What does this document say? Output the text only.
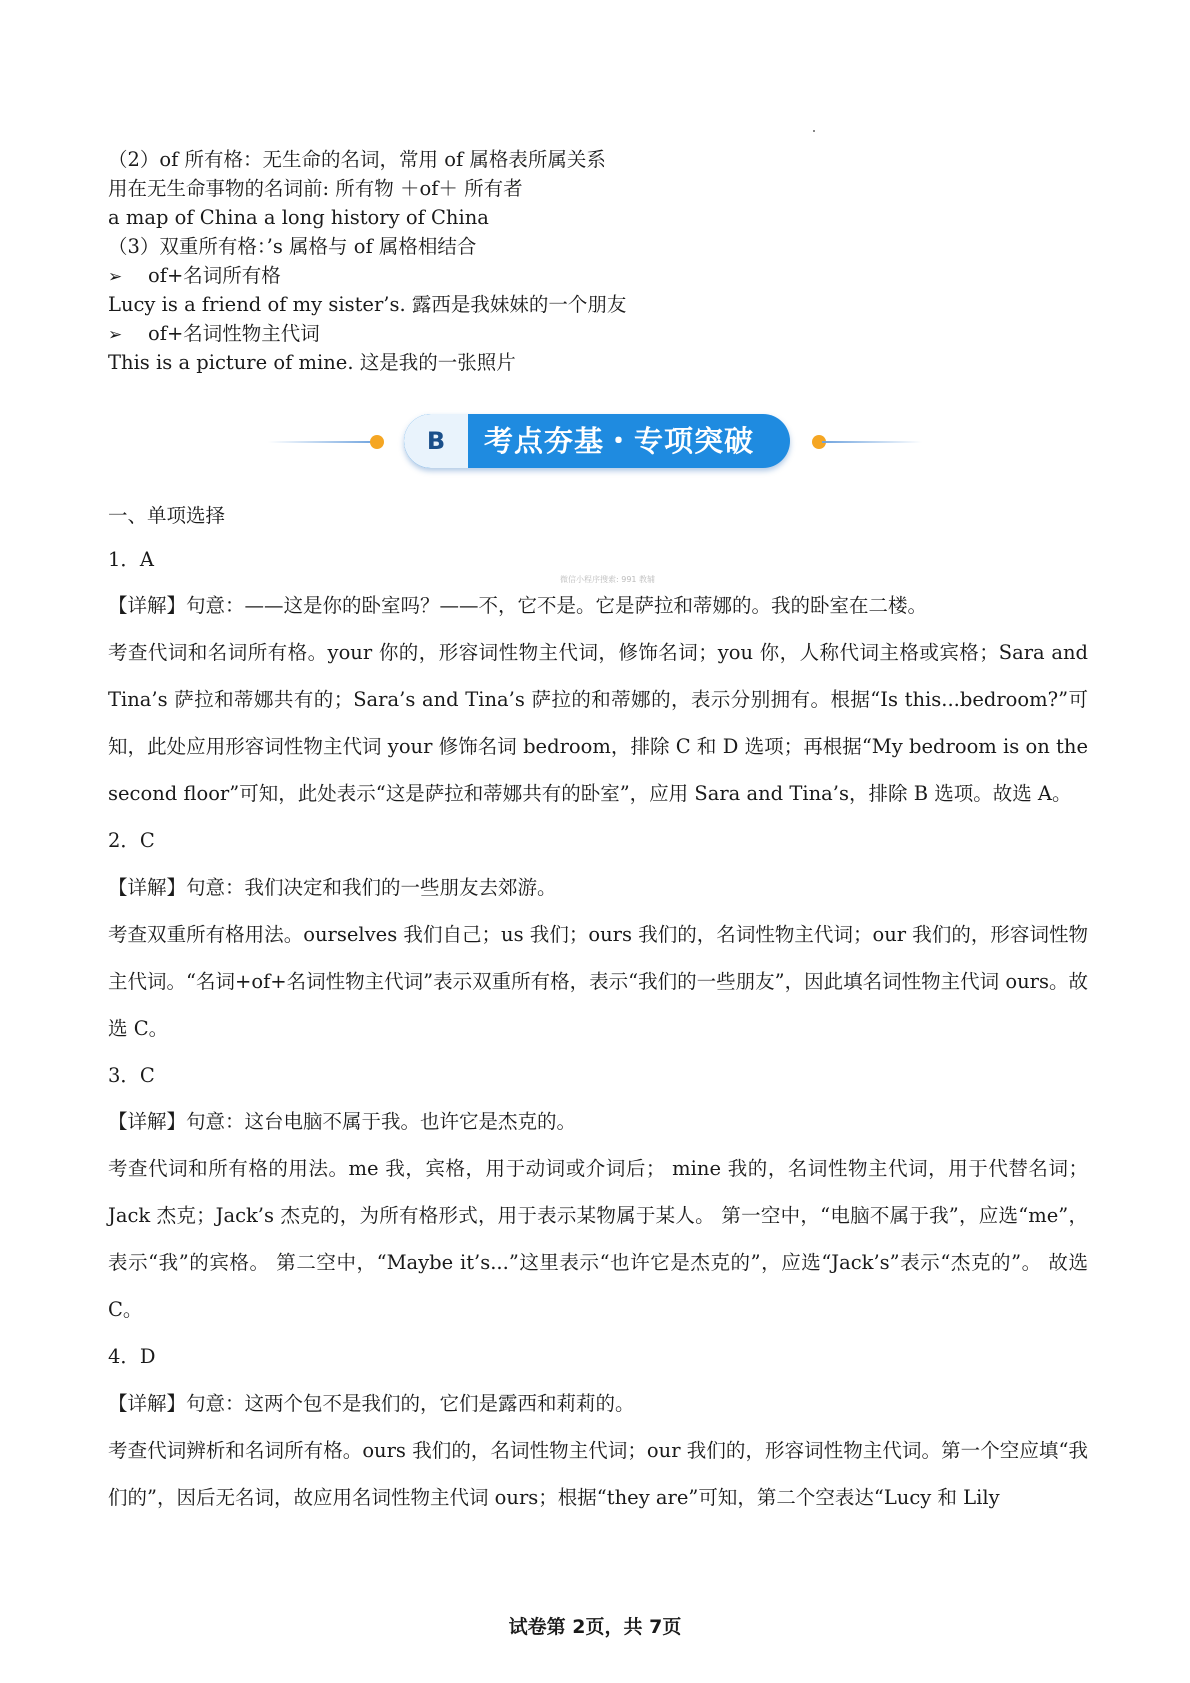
（2）of 所有格：无生命的名词，常用 of 属格表所属关系
用在无生命事物的名词前: 所有物 ＋of＋ 所有者
a map of China a long history of China
（3）双重所有格：’s 属格与 of 属格相结合
➢ of+名词所有格
Lucy is a friend of my sister’s. 露西是我妹妹的一个朋友
➢ of+名词性物主代词
This is a picture of mine. 这是我的一张照片
B	考点夯基・专项突破
一、单项选择
微信小程序搜索: 991 教辅
1．A

【详解】句意：——这是你的卧室吗？——不，它不是。它是萨拉和蒂娜的。我的卧室在二楼。

考查代词和名词所有格。your 你的，形容词性物主代词，修饰名词；you 你，人称代词主格或宾格；Sara and Tina’s 萨拉和蒂娜共有的；Sara’s and Tina’s 萨拉的和蒂娜的，表示分别拥有。根据“Is this...bedroom?”可知，此处应用形容词性物主代词 your 修饰名词 bedroom，排除 C 和 D 选项；再根据“My bedroom is on the second floor”可知，此处表示“这是萨拉和蒂娜共有的卧室”，应用 Sara and Tina’s，排除 B 选项。故选 A。

2．C

【详解】句意：我们决定和我们的一些朋友去郊游。

考查双重所有格用法。ourselves 我们自己；us 我们；ours 我们的，名词性物主代词；our 我们的，形容词性物主代词。“名词+of+名词性物主代词”表示双重所有格，表示“我们的一些朋友”，因此填名词性物主代词 ours。故选 C。

3．C

【详解】句意：这台电脑不属于我。也许它是杰克的。

考查代词和所有格的用法。me 我，宾格，用于动词或介词后； mine 我的，名词性物主代词，用于代替名词； Jack 杰克；Jack’s 杰克的，为所有格形式，用于表示某物属于某人。 第一空中，“电脑不属于我”，应选“me”，表示“我”的宾格。 第二空中，“Maybe it’s...”这里表示“也许它是杰克的”，应选“Jack’s”表示“杰克的”。 故选 C。

4．D

【详解】句意：这两个包不是我们的，它们是露西和莉莉的。

考查代词辨析和名词所有格。ours 我们的，名词性物主代词；our 我们的，形容词性物主代词。第一个空应填“我们的”，因后无名词，故应用名词性物主代词 ours；根据“they are”可知，第二个空表达“Lucy 和 Lily

试卷第 2页，共 7页
